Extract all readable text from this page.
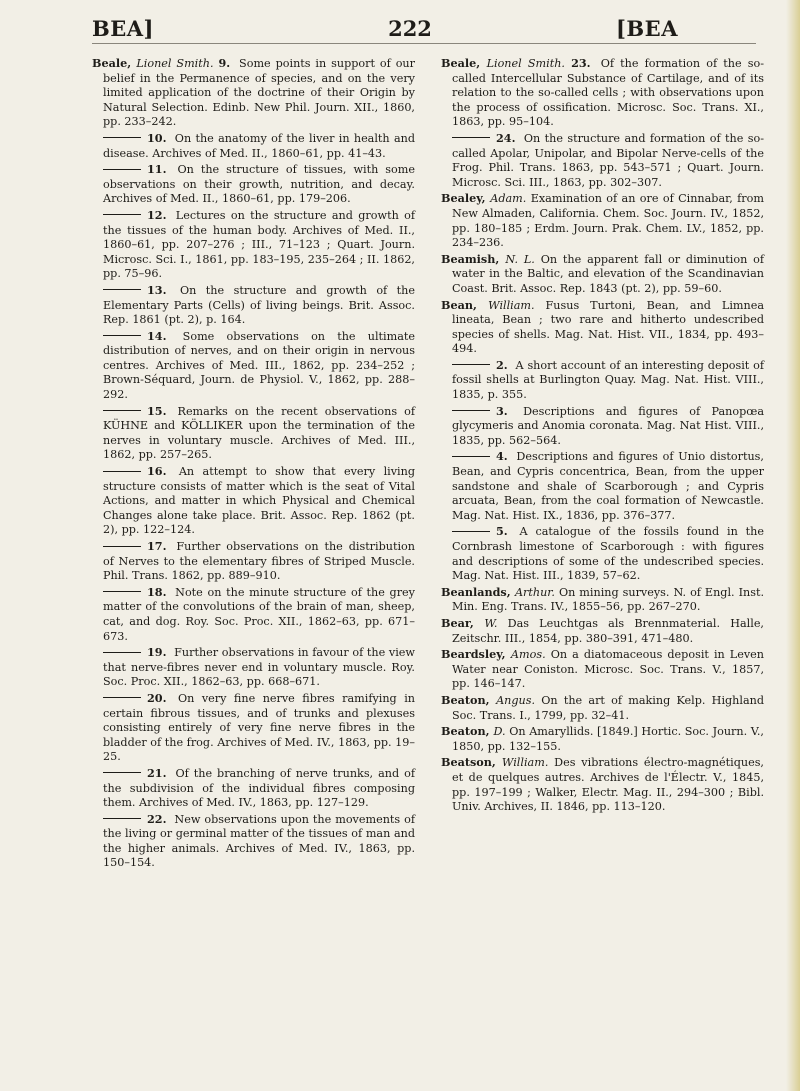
BEA]	222	[BEA

Beale, Lionel Smith. 9. Some points in support of our belief in the Permanence of species, and on the very limited application of the doctrine of their Origin by Natural Selection. Edinb. New Phil. Journ. XII., 1860, pp. 233–242.

10. On the anatomy of the liver in health and disease. Archives of Med. II., 1860–61, pp. 41–43.

11. On the structure of tissues, with some observations on their growth, nutrition, and decay. Archives of Med. II., 1860–61, pp. 179–206.

12. Lectures on the structure and growth of the tissues of the human body. Archives of Med. II., 1860–61, pp. 207–276 ; III., 71–123 ; Quart. Journ. Microsc. Sci. I., 1861, pp. 183–195, 235–264 ; II. 1862, pp. 75–96.

13. On the structure and growth of the Elementary Parts (Cells) of living beings. Brit. Assoc. Rep. 1861 (pt. 2), p. 164.

14. Some observations on the ultimate distribution of nerves, and on their origin in nervous centres. Archives of Med. III., 1862, pp. 234–252 ; Brown-Séquard, Journ. de Physiol. V., 1862, pp. 288–292.

15. Remarks on the recent observations of KÜHNE and KÖLLIKER upon the termination of the nerves in voluntary muscle. Archives of Med. III., 1862, pp. 257–265.

16. An attempt to show that every living structure consists of matter which is the seat of Vital Actions, and matter in which Physical and Chemical Changes alone take place. Brit. Assoc. Rep. 1862 (pt. 2), pp. 122–124.

17. Further observations on the distribution of Nerves to the elementary fibres of Striped Muscle. Phil. Trans. 1862, pp. 889–910.

18. Note on the minute structure of the grey matter of the convolutions of the brain of man, sheep, cat, and dog. Roy. Soc. Proc. XII., 1862–63, pp. 671–673.

19. Further observations in favour of the view that nerve-fibres never end in voluntary muscle. Roy. Soc. Proc. XII., 1862–63, pp. 668–671.

20. On very fine nerve fibres ramifying in certain fibrous tissues, and of trunks and plexuses consisting entirely of very fine nerve fibres in the bladder of the frog. Archives of Med. IV., 1863, pp. 19–25.

21. Of the branching of nerve trunks, and of the subdivision of the individual fibres composing them. Archives of Med. IV., 1863, pp. 127–129.

22. New observations upon the movements of the living or germinal matter of the tissues of man and the higher animals. Archives of Med. IV., 1863, pp. 150–154.

Beale, Lionel Smith. 23. Of the formation of the so-called Intercellular Substance of Cartilage, and of its relation to the so-called cells ; with observations upon the process of ossification. Microsc. Soc. Trans. XI., 1863, pp. 95–104.

24. On the structure and formation of the so-called Apolar, Unipolar, and Bipolar Nerve-cells of the Frog. Phil. Trans. 1863, pp. 543–571 ; Quart. Journ. Microsc. Sci. III., 1863, pp. 302–307.

Bealey, Adam. Examination of an ore of Cinnabar, from New Almaden, California. Chem. Soc. Journ. IV., 1852, pp. 180–185 ; Erdm. Journ. Prak. Chem. LV., 1852, pp. 234–236.

Beamish, N. L. On the apparent fall or diminution of water in the Baltic, and elevation of the Scandinavian Coast. Brit. Assoc. Rep. 1843 (pt. 2), pp. 59–60.

Bean, William. Fusus Turtoni, Bean, and Limnea lineata, Bean ; two rare and hitherto undescribed species of shells. Mag. Nat. Hist. VII., 1834, pp. 493–494.

2. A short account of an interesting deposit of fossil shells at Burlington Quay. Mag. Nat. Hist. VIII., 1835, p. 355.

3. Descriptions and figures of Panopœa glycymeris and Anomia coronata. Mag. Nat Hist. VIII., 1835, pp. 562–564.

4. Descriptions and figures of Unio distortus, Bean, and Cypris concentrica, Bean, from the upper sandstone and shale of Scarborough ; and Cypris arcuata, Bean, from the coal formation of Newcastle. Mag. Nat. Hist. IX., 1836, pp. 376–377.

5. A catalogue of the fossils found in the Cornbrash limestone of Scarborough : with figures and descriptions of some of the undescribed species. Mag. Nat. Hist. III., 1839, 57–62.

Beanlands, Arthur. On mining surveys. N. of Engl. Inst. Min. Eng. Trans. IV., 1855–56, pp. 267–270.

Bear, W. Das Leuchtgas als Brennmaterial. Halle, Zeitschr. III., 1854, pp. 380–391, 471–480.

Beardsley, Amos. On a diatomaceous deposit in Leven Water near Coniston. Microsc. Soc. Trans. V., 1857, pp. 146–147.

Beaton, Angus. On the art of making Kelp. Highland Soc. Trans. I., 1799, pp. 32–41.

Beaton, D. On Amaryllids. [1849.] Hortic. Soc. Journ. V., 1850, pp. 132–155.

Beatson, William. Des vibrations électro-magnétiques, et de quelques autres. Archives de l'Électr. V., 1845, pp. 197–199 ; Walker, Electr. Mag. II., 294–300 ; Bibl. Univ. Archives, II. 1846, pp. 113–120.
